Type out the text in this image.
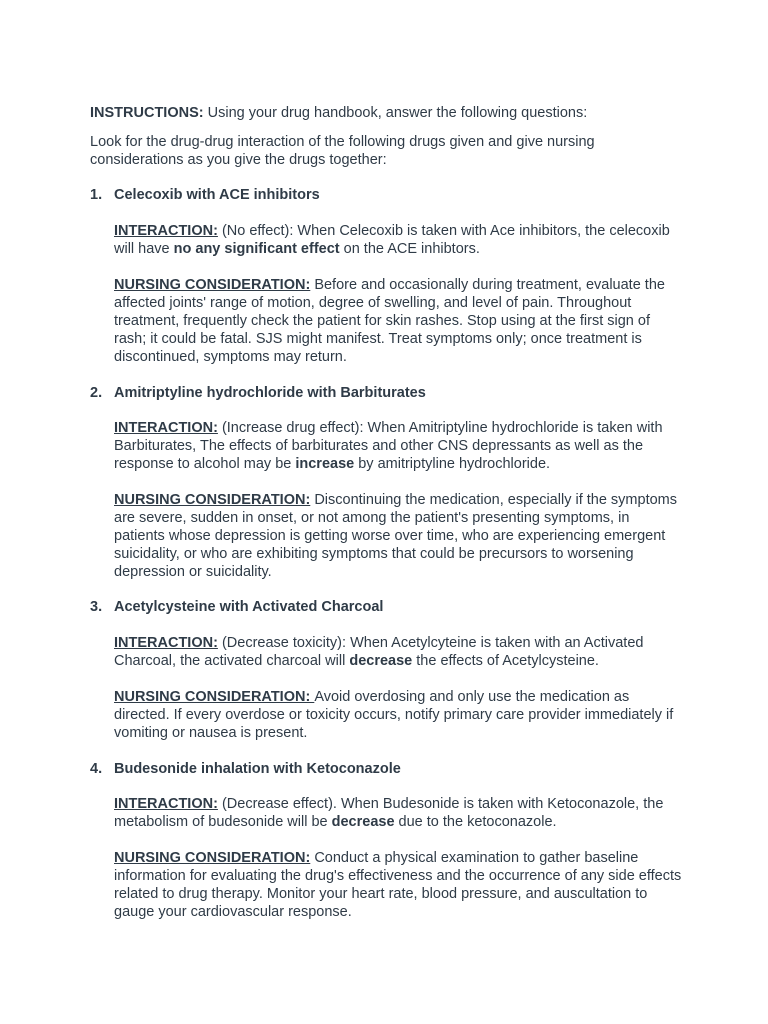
INSTRUCTIONS: Using your drug handbook, answer the following questions:

Look for the drug-drug interaction of the following drugs given and give nursing considerations as you give the drugs together:

1. Celecoxib with ACE inhibitors

INTERACTION: (No effect): When Celecoxib is taken with Ace inhibitors, the celecoxib will have no any significant effect on the ACE inhibtors.

NURSING CONSIDERATION: Before and occasionally during treatment, evaluate the affected joints' range of motion, degree of swelling, and level of pain. Throughout treatment, frequently check the patient for skin rashes. Stop using at the first sign of rash; it could be fatal. SJS might manifest. Treat symptoms only; once treatment is discontinued, symptoms may return.

2. Amitriptyline hydrochloride with Barbiturates

INTERACTION: (Increase drug effect): When Amitriptyline hydrochloride is taken with Barbiturates, The effects of barbiturates and other CNS depressants as well as the response to alcohol may be increase by amitriptyline hydrochloride.

NURSING CONSIDERATION: Discontinuing the medication, especially if the symptoms are severe, sudden in onset, or not among the patient's presenting symptoms, in patients whose depression is getting worse over time, who are experiencing emergent suicidality, or who are exhibiting symptoms that could be precursors to worsening depression or suicidality.

3. Acetylcysteine with Activated Charcoal

INTERACTION: (Decrease toxicity): When Acetylcyteine is taken with an Activated Charcoal, the activated charcoal will decrease the effects of Acetylcysteine.

NURSING CONSIDERATION: Avoid overdosing and only use the medication as directed. If every overdose or toxicity occurs, notify primary care provider immediately if vomiting or nausea is present.

4. Budesonide inhalation with Ketoconazole

INTERACTION: (Decrease effect). When Budesonide is taken with Ketoconazole, the metabolism of budesonide will be decrease due to the ketoconazole.

NURSING CONSIDERATION: Conduct a physical examination to gather baseline information for evaluating the drug's effectiveness and the occurrence of any side effects related to drug therapy. Monitor your heart rate, blood pressure, and auscultation to gauge your cardiovascular response.
